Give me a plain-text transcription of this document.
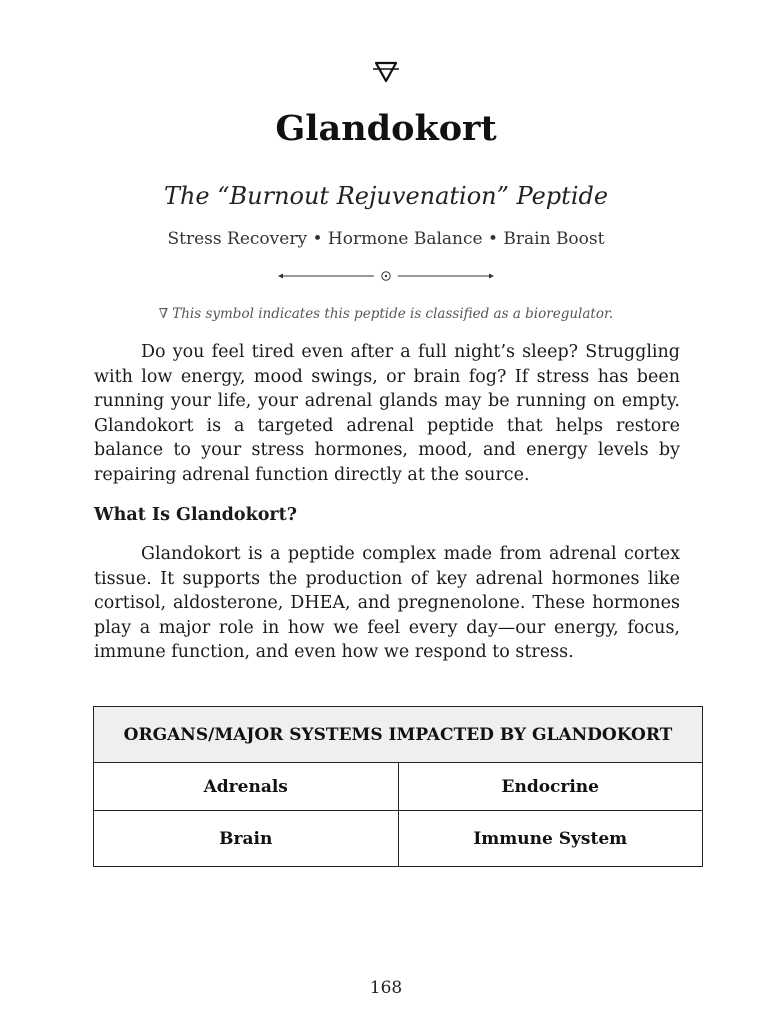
Glandokort
The “Burnout Rejuvenation” Peptide
Stress Recovery • Hormone Balance • Brain Boost
∇ This symbol indicates this peptide is classified as a bioregulator.

Do you feel tired even after a full night’s sleep? Struggling with low energy, mood swings, or brain fog? If stress has been running your life, your adrenal glands may be running on empty. Glandokort is a targeted adrenal peptide that helps restore balance to your stress hormones, mood, and energy levels by repairing adrenal function directly at the source.

What Is Glandokort?

Glandokort is a peptide complex made from adrenal cortex tissue. It supports the production of key adrenal hormones like cortisol, aldosterone, DHEA, and pregnenolone. These hormones play a major role in how we feel every day—our energy, focus, immune function, and even how we respond to stress.

ORGANS/MAJOR SYSTEMS IMPACTED BY GLANDOKORT	
Adrenals	Endocrine
Brain	Immune System
168
